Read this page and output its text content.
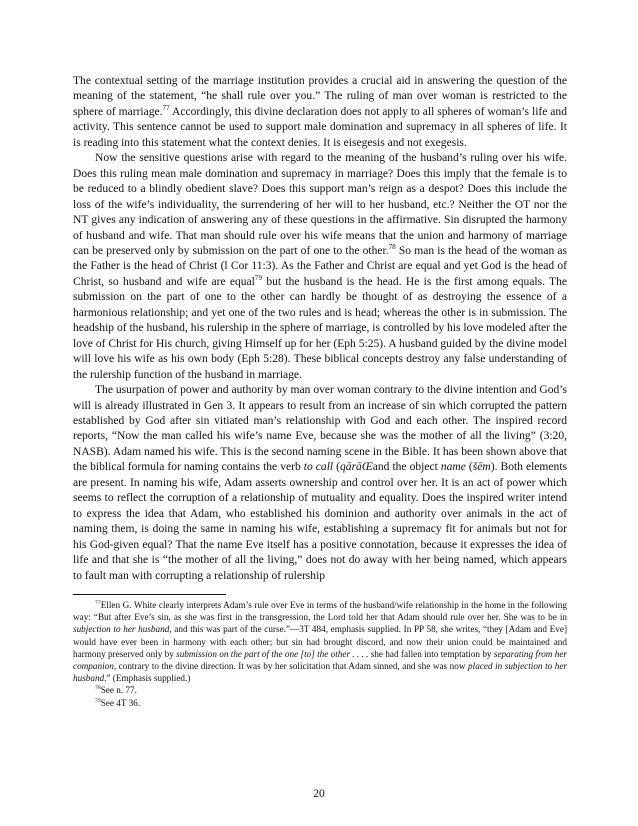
The contextual setting of the marriage institution provides a crucial aid in answering the question of the meaning of the statement, “he shall rule over you.” The ruling of man over woman is restricted to the sphere of marriage.$^{77}$ Accordingly, this divine declaration does not apply to all spheres of woman’s life and activity. This sentence cannot be used to support male domination and supremacy in all spheres of life. It is reading into this statement what the context denies. It is eisegesis and not exegesis.

Now the sensitive questions arise with regard to the meaning of the husband’s ruling over his wife. Does this ruling mean male domination and supremacy in marriage? Does this imply that the female is to be reduced to a blindly obedient slave? Does this support man’s reign as a despot? Does this include the loss of the wife’s individuality, the surrendering of her will to her husband, etc.? Neither the OT nor the NT gives any indication of answering any of these questions in the affirmative. Sin disrupted the harmony of husband and wife. That man should rule over his wife means that the union and harmony of marriage can be preserved only by submission on the part of one to the other.$^{78}$ So man is the head of the woman as the Father is the head of Christ (l Cor 11:3). As the Father and Christ are equal and yet God is the head of Christ, so husband and wife are equal$^{79}$ but the husband is the head. He is the first among equals. The submission on the part of one to the other can hardly be thought of as destroying the essence of a harmonious relationship; and yet one of the two rules and is head; whereas the other is in submission. The headship of the husband, his rulership in the sphere of marriage, is controlled by his love modeled after the love of Christ for His church, giving Himself up for her (Eph 5:25). A husband guided by the divine model will love his wife as his own body (Eph 5:28). These biblical concepts destroy any false understanding of the rulership function of the husband in marriage.

The usurpation of power and authority by man over woman contrary to the divine intention and God’s will is already illustrated in Gen 3. It appears to result from an increase of sin which corrupted the pattern established by God after sin vitiated man’s relationship with God and each other. The inspired record reports, “Now the man called his wife’s name Eve, because she was the mother of all the living” (3:20, NASB). Adam named his wife. This is the second naming scene in the Bible. It has been shown above that the biblical formula for naming contains the verb to call (qārāŒand the object name (šēm). Both elements are present. In naming his wife, Adam asserts ownership and control over her. It is an act of power which seems to reflect the corruption of a relationship of mutuality and equality. Does the inspired writer intend to express the idea that Adam, who established his dominion and authority over animals in the act of naming them, is doing the same in naming his wife, establishing a supremacy fit for animals but not for his God-given equal? That the name Eve itself has a positive connotation, because it expresses the idea of life and that she is “the mother of all the living,” does not do away with her being named, which appears to fault man with corrupting a relationship of rulership

$^{77}$Ellen G. White clearly interprets Adam’s rule over Eve in terms of the husband/wife relationship in the home in the following way: “But after Eve’s sin, as she was first in the transgression, the Lord told her that Adam should rule over her. She was to be in subjection to her husband, and this was part of the curse.”—3T 484, emphasis supplied. In PP 58, she writes, “they [Adam and Eve] would have ever been in harmony with each other; but sin had brought discord, and now their union could be maintained and harmony preserved only by submission on the part of the one [to] the other . . . . she had fallen into temptation by separating from her companion, contrary to the divine direction. It was by her solicitation that Adam sinned, and she was now placed in subjection to her husband.” (Emphasis supplied.)

$^{78}$See n. 77.

$^{79}$See 4T 36.

20
